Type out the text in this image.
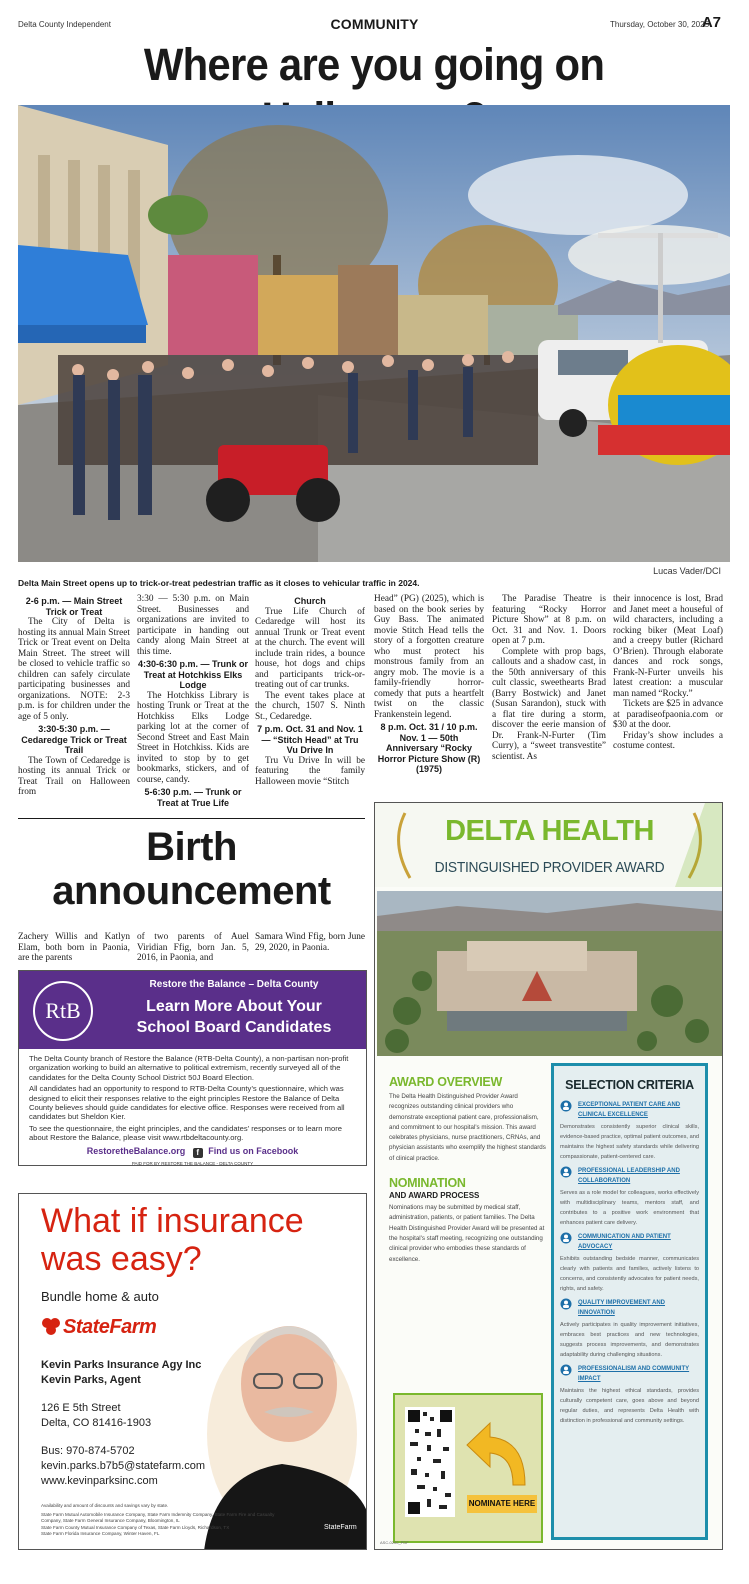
Delta County Independent	COMMUNITY	Thursday, October 30, 2025
A7
Where are you going on
Lucas Vader/DCI
Delta Main Street opens up to trick-or-treat pedestrian traffic as it closes to vehicular traffic in 2024.
2-6 p.m. — Main Street Trick or Treat

The City of Delta is hosting its annual Main Street Trick or Treat event on Delta Main Street. The street will be closed to vehicle traffic so children can safely circulate participating businesses and organizations. NOTE: 2-3 p.m. is for children under the age of 5 only.

3:30-5:30 p.m. — Cedaredge Trick or Treat Trail

The Town of Cedaredge is hosting its annual Trick or Treat Trail on Halloween from

3:30 — 5:30 p.m. on Main Street. Businesses and organizations are invited to participate in handing out candy along Main Street at this time.

4:30-6:30 p.m. — Trunk or Treat at Hotchkiss Elks Lodge

The Hotchkiss Library is hosting Trunk or Treat at the Hotchkiss Elks Lodge parking lot at the corner of Second Street and East Main Street in Hotchkiss. Kids are invited to stop by to get bookmarks, stickers, and of course, candy.

5-6:30 p.m. — Trunk or Treat at True Life
Church

True Life Church of Cedaredge will host its annual Trunk or Treat event at the church. The event will include train rides, a bounce house, hot dogs and chips and participants trick-or-treating out of car trunks.

The event takes place at the church, 1507 S. Ninth St., Cedaredge.

7 p.m. Oct. 31 and Nov. 1 — “Stitch Head” at Tru Vu Drive In

Tru Vu Drive In will be featuring the family Halloween movie “Stitch

Head” (PG) (2025), which is based on the book series by Guy Bass. The animated movie Stitch Head tells the story of a forgotten creature who must protect his monstrous family from an angry mob. The movie is a family-friendly horror-comedy that puts a heartfelt twist on the classic Frankenstein legend.

8 p.m. Oct. 31 / 10 p.m. Nov. 1 — 50th Anniversary “Rocky Horror Picture Show (R) (1975)

The Paradise Theatre is featuring “Rocky Horror Picture Show” at 8 p.m. on Oct. 31 and Nov. 1. Doors open at 7 p.m.

Complete with prop bags, callouts and a shadow cast, in the 50th anniversary of this cult classic, sweethearts Brad (Barry Bostwick) and Janet (Susan Sarandon), stuck with a flat tire during a storm, discover the eerie mansion of Dr. Frank-N-Furter (Tim Curry), a “sweet transvestite” scientist. As

their innocence is lost, Brad and Janet meet a houseful of wild characters, including a rocking biker (Meat Loaf) and a creepy butler (Richard O’Brien). Through elaborate dances and rock songs, Frank-N-Furter unveils his latest creation: a muscular man named “Rocky.”

Tickets are $25 in advance at paradiseofpaonia.com or $30 at the door.

Friday’s show includes a costume contest.

Birth
announcement
Zachery Willis and Katlyn Elam, both born in Paonia, are the parents
of two parents of Auel Viridian Ffig, born Jan. 5, 2016, in Paonia, and
Samara Wind Ffig, born June 29, 2020, in Paonia.
RtB
Restore the Balance – Delta County
Learn More About Your
School Board Candidates

The Delta County branch of Restore the Balance (RTB-Delta County), a non-partisan non-profit organization working to build an alternative to political extremism, recently surveyed all of the candidates for the Delta County School District 50J Board Election.

All candidates had an opportunity to respond to RTB-Delta County’s questionnaire, which was designed to elicit their responses relative to the eight principles Restore the Balance of Delta County believes should guide candidates for elective office. Responses were received from all candidates but Sheldon Kier.

To see the questionnaire, the eight principles, and the candidates’ responses or to learn more about Restore the Balance, please visit www.rtbdeltacounty.org.

RestoretheBalance.org f Find us on Facebook
PAID FOR BY RESTORE THE BALANCE - DELTA COUNTY
StateFarm
What if insurance
was easy?
Bundle home & auto
StateFarm
Kevin Parks Insurance Agy Inc
Kevin Parks, Agent
126 E 5th Street
Delta, CO 81416-1903
Bus: 970-874-5702
kevin.parks.b7b5@statefarm.com
www.kevinparksinc.com
Availability and amount of discounts and savings vary by state.
State Farm Mutual Automobile Insurance Company, State Farm Indemnity Company, State Farm Fire and Casualty Company, State Farm General Insurance Company, Bloomington, IL
State Farm County Mutual Insurance Company of Texas, State Farm Lloyds, Richardson, TX
State Farm Florida Insurance Company, Winter Haven, FL
DELTA HEALTH
DISTINGUISHED PROVIDER AWARD
AWARD OVERVIEW
The Delta Health Distinguished Provider Award recognizes outstanding clinical providers who demonstrate exceptional patient care, professionalism, and commitment to our hospital's mission. This award celebrates physicians, nurse practitioners, CRNAs, and physician assistants who exemplify the highest standards of clinical practice.
NOMINATION
AND AWARD PROCESS
Nominations may be submitted by medical staff, administration, patients, or patient families. The Delta Health Distinguished Provider Award will be presented at the hospital's staff meeting, recognizing one outstanding clinical provider who embodies these standards of excellence.
NOMINATE HERE
SELECTION CRITERIA
EXCEPTIONAL PATIENT CARE AND CLINICAL EXCELLENCE
Demonstrates consistently superior clinical skills, evidence-based practice, optimal patient outcomes, and maintains the highest safety standards while delivering compassionate, patient-centered care.
PROFESSIONAL LEADERSHIP AND COLLABORATION
Serves as a role model for colleagues, works effectively with multidisciplinary teams, mentors staff, and contributes to a positive work environment that enhances patient care delivery.
COMMUNICATION AND PATIENT ADVOCACY
Exhibits outstanding bedside manner, communicates clearly with patients and families, actively listens to concerns, and consistently advocates for patient needs, rights, and safety.
QUALITY IMPROVEMENT AND INNOVATION
Actively participates in quality improvement initiatives, embraces best practices and new technologies, suggests process improvements, and demonstrates adaptability during challenging situations.
PROFESSIONALISM AND COMMUNITY IMPACT
Maintains the highest ethical standards, provides culturally competent care, goes above and beyond regular duties, and represents Delta Health with distinction in professional and community settings.
ASC-0200_PDF
